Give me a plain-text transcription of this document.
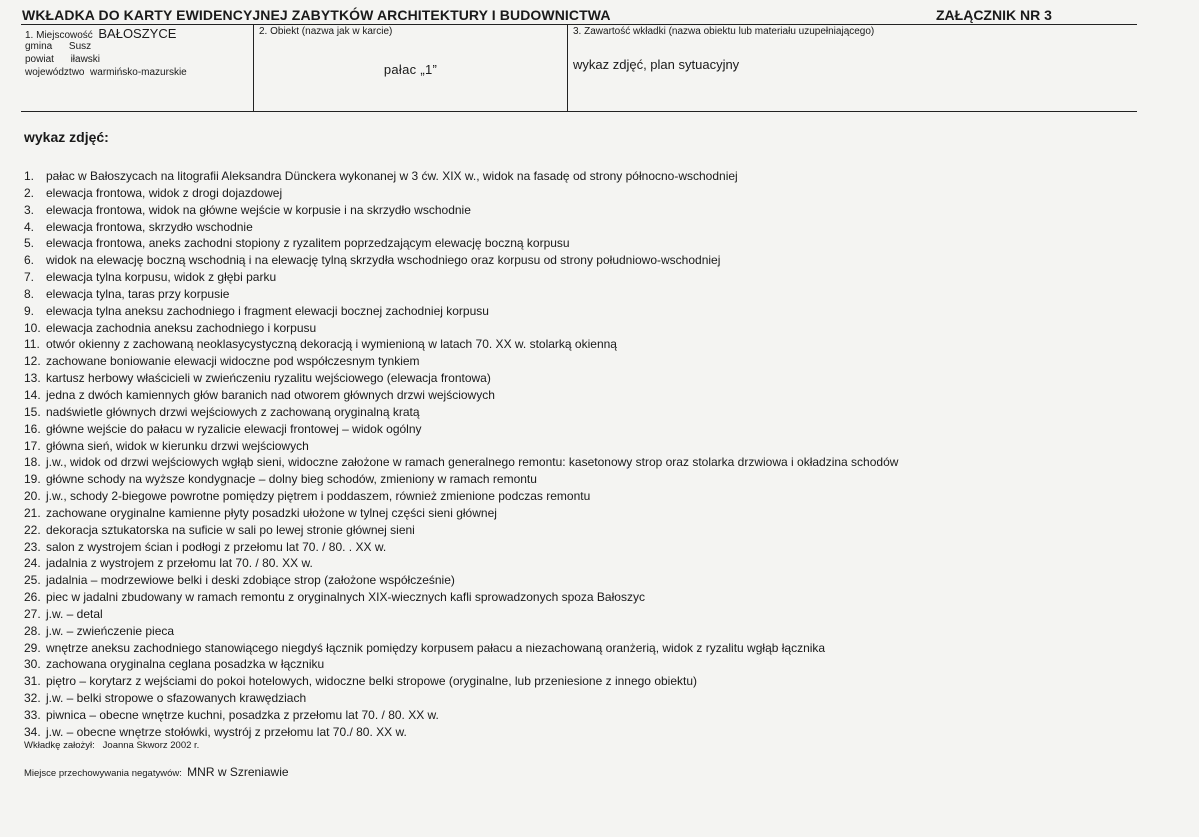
WKŁADKA DO KARTY EWIDENCYJNEJ ZABYTKÓW ARCHITEKTURY I BUDOWNICTWA	ZAŁĄCZNIK NR 3
1. Miejscowość BAŁOSZYCE
gmina Susz
powiat iławski
województwo warmińsko-mazurskie
2. Obiekt (nazwa jak w karcie)
pałac „1”
3. Zawartość wkładki (nazwa obiektu lub materiału uzupełniającego)
wykaz zdjęć, plan sytuacyjny
wykaz zdjęć:
1. pałac w Bałoszycach na litografii Aleksandra Dünckera wykonanej w 3 ćw. XIX w., widok na fasadę od strony północno-wschodniej
2. elewacja frontowa, widok z drogi dojazdowej
3. elewacja frontowa, widok na główne wejście w korpusie i na skrzydło wschodnie
4. elewacja frontowa, skrzydło wschodnie
5. elewacja frontowa, aneks zachodni stopiony z ryzalitem poprzedzającym elewację boczną korpusu
6. widok na elewację boczną wschodnią i na elewację tylną skrzydła wschodniego oraz korpusu od strony południowo-wschodniej
7. elewacja tylna korpusu, widok z głębi parku
8. elewacja tylna, taras przy korpusie
9. elewacja tylna aneksu zachodniego i fragment elewacji bocznej zachodniej korpusu
10. elewacja zachodnia aneksu zachodniego i korpusu
11. otwór okienny z zachowaną neoklasycystyczną dekoracją i wymienioną w latach 70. XX w. stolarką okienną
12. zachowane boniowanie elewacji widoczne pod współczesnym tynkiem
13. kartusz herbowy właścicieli w zwieńczeniu ryzalitu wejściowego (elewacja frontowa)
14. jedna z dwóch kamiennych głów baranich nad otworem głównych drzwi wejściowych
15. nadświetle głównych drzwi wejściowych z zachowaną oryginalną kratą
16. główne wejście do pałacu w ryzalicie elewacji frontowej – widok ogólny
17. główna sień, widok w kierunku drzwi wejściowych
18. j.w., widok od drzwi wejściowych wgłąb sieni, widoczne założone w ramach generalnego remontu: kasetonowy strop oraz stolarka drzwiowa i okładzina schodów
19. główne schody na wyższe kondygnacje – dolny bieg schodów, zmieniony w ramach remontu
20. j.w., schody 2-biegowe powrotne pomiędzy piętrem i poddaszem, również zmienione podczas remontu
21. zachowane oryginalne kamienne płyty posadzki ułożone w tylnej części sieni głównej
22. dekoracja sztukatorska na suficie w sali po lewej stronie głównej sieni
23. salon z wystrojem ścian i podłogi z przełomu lat 70. / 80. . XX w.
24. jadalnia z wystrojem z przełomu lat 70. / 80. XX w.
25. jadalnia – modrzewiowe belki i deski zdobiące strop (założone współcześnie)
26. piec w jadalni zbudowany w ramach remontu z oryginalnych XIX-wiecznych kafli sprowadzonych spoza Bałoszyc
27. j.w. – detal
28. j.w. – zwieńczenie pieca
29. wnętrze aneksu zachodniego stanowiącego niegdyś łącznik pomiędzy korpusem pałacu a niezachowaną oranżerią, widok z ryzalitu wgłąb łącznika
30. zachowana oryginalna ceglana posadzka w łączniku
31. piętro – korytarz z wejściami do pokoi hotelowych, widoczne belki stropowe (oryginalne, lub przeniesione z innego obiektu)
32. j.w. – belki stropowe o sfazowanych krawędziach
33. piwnica – obecne wnętrze kuchni, posadzka z przełomu lat 70. / 80. XX w.
34. j.w. – obecne wnętrze stołówki, wystrój z przełomu lat 70./ 80. XX w.
Wkładkę założył: Joanna Skworz 2002 r.
Miejsce przechowywania negatywów: MNR w Szreniawie
